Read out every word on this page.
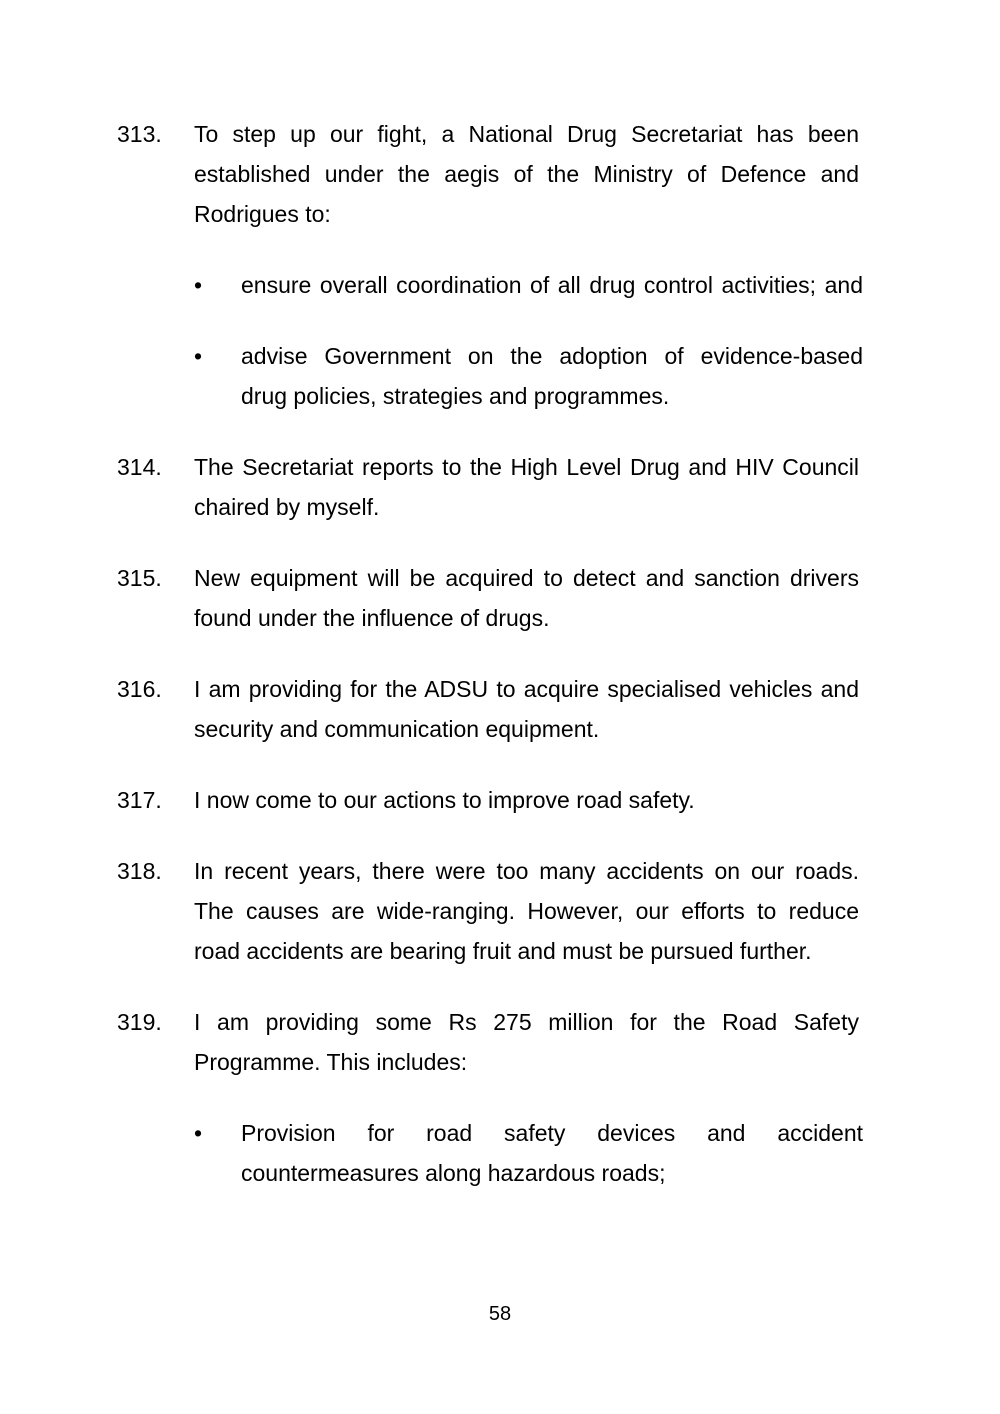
313.	To step up our fight, a National Drug Secretariat has been
established under the aegis of the Ministry of Defence and
Rodrigues to:
•	ensure overall coordination of all drug control activities; and
•	advise Government on the adoption of evidence-based
drug policies, strategies and programmes.
314.	The Secretariat reports to the High Level Drug and HIV Council
chaired by myself.
315.	New equipment will be acquired to detect and sanction drivers
found under the influence of drugs.
316.	I am providing for the ADSU to acquire specialised vehicles and
security and communication equipment.
317.	I now come to our actions to improve road safety.
318.	In recent years, there were too many accidents on our roads.
The causes are wide-ranging. However, our efforts to reduce
road accidents are bearing fruit and must be pursued further.
319.	I am providing some Rs 275 million for the Road Safety
Programme. This includes:
•	Provision for road safety devices and accident
countermeasures along hazardous roads;
58
